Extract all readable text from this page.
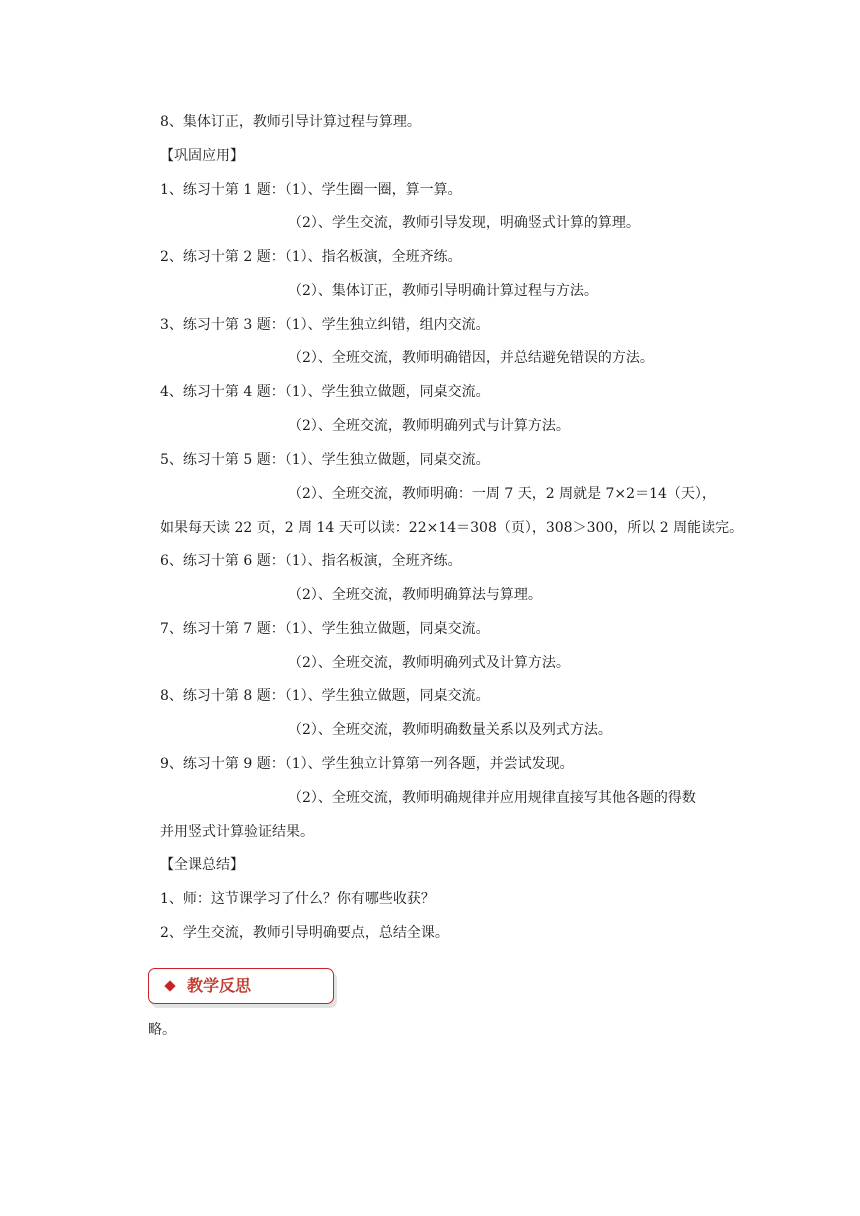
8、集体订正，教师引导计算过程与算理。
【巩固应用】
1、练习十第 1 题：（1）、学生圈一圈，算一算。
（2）、学生交流，教师引导发现，明确竖式计算的算理。
2、练习十第 2 题：（1）、指名板演，全班齐练。
（2）、集体订正，教师引导明确计算过程与方法。
3、练习十第 3 题：（1）、学生独立纠错，组内交流。
（2）、全班交流，教师明确错因，并总结避免错误的方法。
4、练习十第 4 题：（1）、学生独立做题，同桌交流。
（2）、全班交流，教师明确列式与计算方法。
5、练习十第 5 题：（1）、学生独立做题，同桌交流。
（2）、全班交流，教师明确：一周 7 天，2 周就是 7×2＝14（天），
如果每天读 22 页，2 周 14 天可以读：22×14＝308（页），308＞300，所以 2 周能读完。
6、练习十第 6 题：（1）、指名板演，全班齐练。
（2）、全班交流，教师明确算法与算理。
7、练习十第 7 题：（1）、学生独立做题，同桌交流。
（2）、全班交流，教师明确列式及计算方法。
8、练习十第 8 题：（1）、学生独立做题，同桌交流。
（2）、全班交流，教师明确数量关系以及列式方法。
9、练习十第 9 题：（1）、学生独立计算第一列各题，并尝试发现。
（2）、全班交流，教师明确规律并应用规律直接写其他各题的得数
并用竖式计算验证结果。
【全课总结】
1、师：这节课学习了什么？你有哪些收获？
2、学生交流，教师引导明确要点，总结全课。
教学反思
略。
